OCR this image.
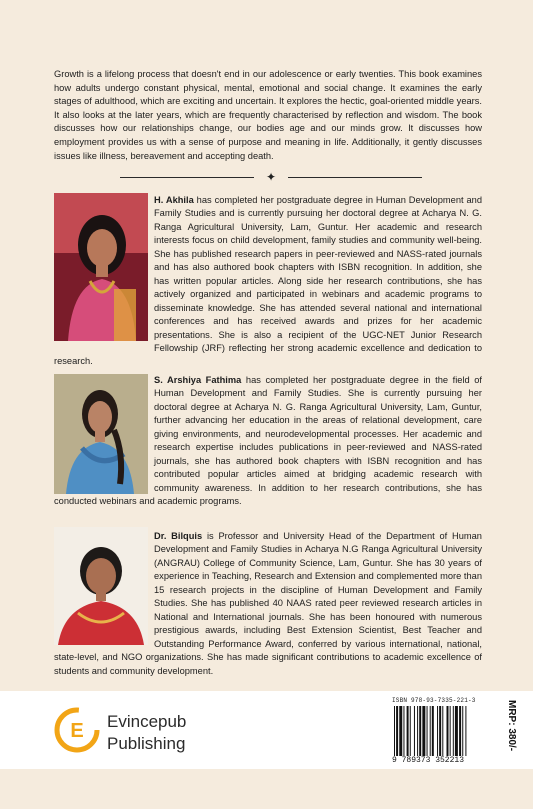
Growth is a lifelong process that doesn't end in our adolescence or early twenties. This book examines how adults undergo constant physical, mental, emotional and social change. It examines the early stages of adulthood, which are exciting and uncertain. It explores the hectic, goal-oriented middle years. It also looks at the later years, which are frequently characterised by reflection and wisdom. The book discusses how our relationships change, our bodies age and our minds grow. It discusses how employment provides us with a sense of purpose and meaning in life. Additionally, it gently discusses issues like illness, bereavement and accepting death.

✦

H. Akhila has completed her postgraduate degree in Human Development and Family Studies and is currently pursuing her doctoral degree at Acharya N. G. Ranga Agricultural University, Lam, Guntur. Her academic and research interests focus on child development, family studies and community well-being. She has published research papers in peer-reviewed and NASS-rated journals and has also authored book chapters with ISBN recognition. In addition, she has written popular articles. Along side her research contributions, she has actively organized and participated in webinars and academic programs to disseminate knowledge. She has attended several national and international conferences and has received awards and prizes for her academic presentations. She is also a recipient of the UGC-NET Junior Research Fellowship (JRF) reflecting her strong academic excellence and dedication to research.

S. Arshiya Fathima has completed her postgraduate degree in the field of Human Development and Family Studies. She is currently pursuing her doctoral degree at Acharya N. G. Ranga Agricultural University, Lam, Guntur, further advancing her education in the areas of relational development, care giving environments, and neurodevelopmental processes. Her academic and research expertise includes publications in peer-reviewed and NASS-rated journals, she has authored book chapters with ISBN recognition and has contributed popular articles aimed at bridging academic research with community awareness. In addition to her research contributions, she has conducted webinars and academic programs.

Dr. Bilquis is Professor and University Head of the Department of Human Development and Family Studies in Acharya N.G Ranga Agricultural University (ANGRAU) College of Community Science, Lam, Guntur. She has 30 years of experience in Teaching, Research and Extension and complemented more than 15 research projects in the discipline of Human Development and Family Studies. She has published 40 NAAS rated peer reviewed research articles in National and International journals. She has been honoured with numerous prestigious awards, including Best Extension Scientist, Best Teacher and Outstanding Performance Award, conferred by various international, national, state-level, and NGO organizations. She has made significant contributions to academic excellence of students and community development.

E Evincepub
Publishing
ISBN 978-93-7335-221-3
9 789373 352213
MRP: 380/-
